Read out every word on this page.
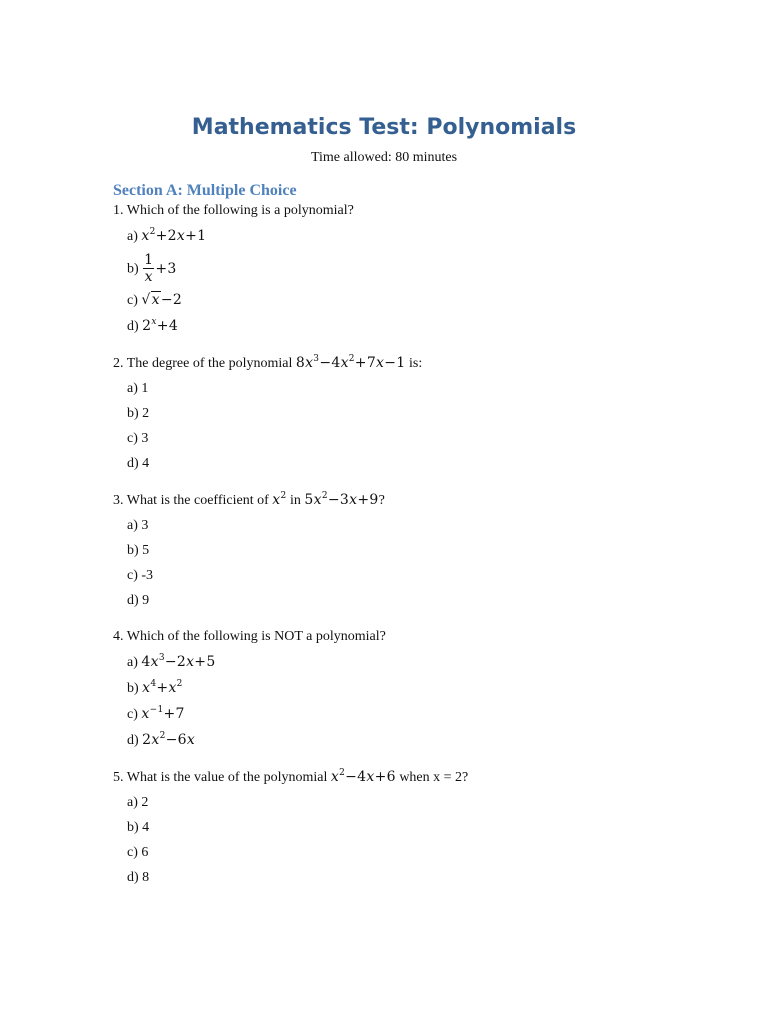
Mathematics Test: Polynomials
Time allowed: 80 minutes
Section A: Multiple Choice
1. Which of the following is a polynomial?
a) $x^2+2x+1$
$b) \frac{1}{x} +3$
c) √x−2
d) $2^x+4$
2. The degree of the polynomial $8x^3-4x^2+7x-1$ is:
a) 1
b) 2
c) 3
d) 4
3. What is the coefficient of $x^2$ in $5x^2-3x+9$?
a) 3
b) 5
c) -3
d) 9
4. Which of the following is NOT a polynomial?
a) $4x^3-2x+5$
b) $x^4+x^2$
c) $x^{-1}+7$
d) $2x^2-6x$
5. What is the value of the polynomial $x^2-4x+6$ when x = 2?
a) 2
b) 4
c) 6
d) 8
